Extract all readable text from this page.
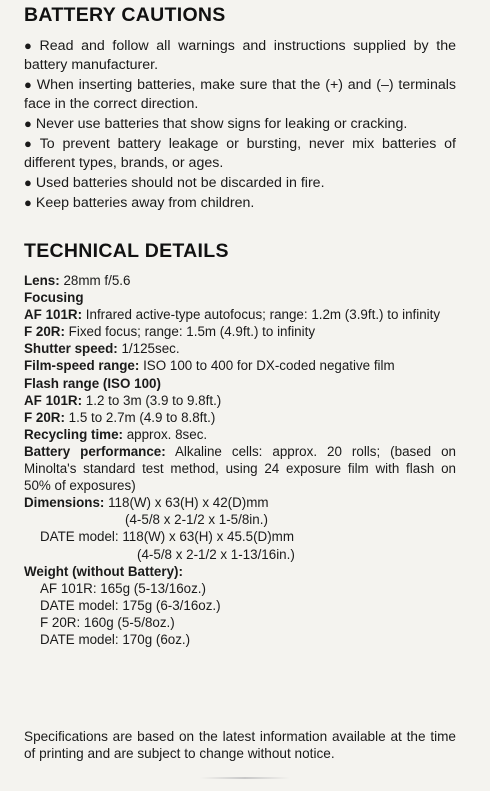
BATTERY CAUTIONS

● Read and follow all warnings and instructions supplied by the battery manufacturer.

● When inserting batteries, make sure that the (+) and (–) terminals face in the correct direction.

● Never use batteries that show signs for leaking or cracking.

● To prevent battery leakage or bursting, never mix batteries of different types, brands, or ages.

● Used batteries should not be discarded in fire.

● Keep batteries away from children.

TECHNICAL DETAILS
Lens: 28mm f/5.6
Focusing
AF 101R: Infrared active-type autofocus; range: 1.2m (3.9ft.) to infinity
F 20R: Fixed focus; range: 1.5m (4.9ft.) to infinity
Shutter speed: 1/125sec.
Film-speed range: ISO 100 to 400 for DX-coded negative film
Flash range (ISO 100)
AF 101R: 1.2 to 3m (3.9 to 9.8ft.)
F 20R: 1.5 to 2.7m (4.9 to 8.8ft.)
Recycling time: approx. 8sec.
Battery performance: Alkaline cells: approx. 20 rolls; (based on Minolta's standard test method, using 24 exposure film with flash on 50% of exposures)
Dimensions: 118(W) x 63(H) x 42(D)mm
(4-5/8 x 2-1/2 x 1-5/8in.)
DATE model: 118(W) x 63(H) x 45.5(D)mm
(4-5/8 x 2-1/2 x 1-13/16in.)
Weight (without Battery):
AF 101R: 165g (5-13/16oz.)
DATE model: 175g (6-3/16oz.)
F 20R: 160g (5-5/8oz.)
DATE model: 170g (6oz.)

Specifications are based on the latest information available at the time of printing and are subject to change without notice.
